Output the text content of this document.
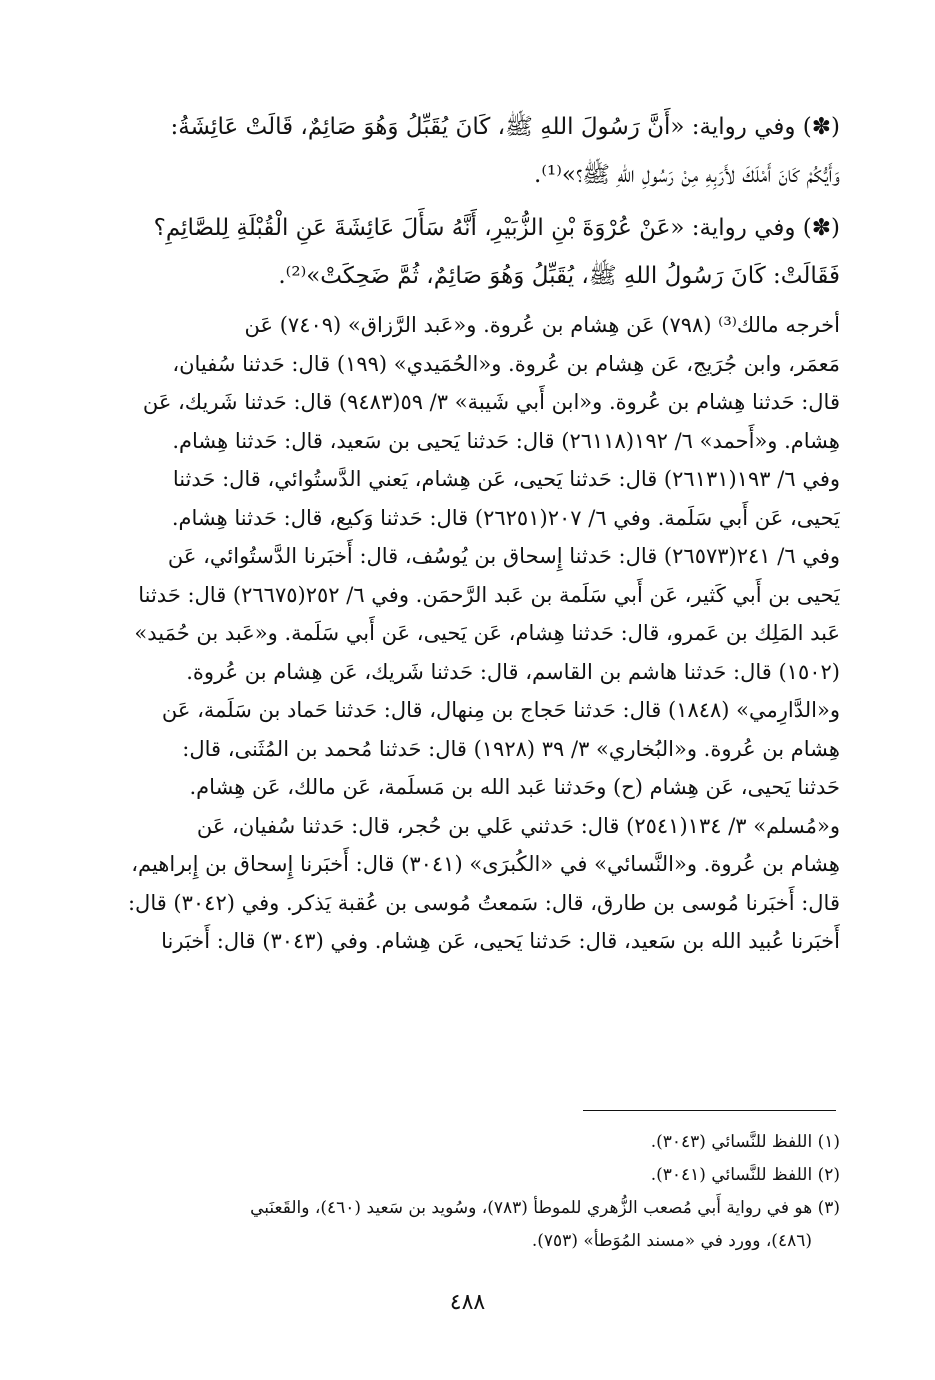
(✽) وفي رواية: «أَنَّ رَسُولَ اللهِ ﷺ، كَانَ يُقَبِّلُ وَهُوَ صَائِمٌ، قَالَتْ عَائِشَةُ:
وَأَيُّكُمْ كَانَ أَمْلَكَ لأَرَبِهِ مِنْ رَسُولِ اللهِ ﷺ؟»⁽¹⁾.
(✽) وفي رواية: «عَنْ عُرْوَةَ بْنِ الزُّبَيْرِ، أَنَّهُ سَأَلَ عَائِشَةَ عَنِ الْقُبْلَةِ لِلصَّائِمِ؟
فَقَالَتْ: كَانَ رَسُولُ اللهِ ﷺ، يُقَبِّلُ وَهُوَ صَائِمٌ، ثُمَّ ضَحِكَتْ»⁽²⁾.
أخرجه مالك⁽³⁾ (٧٩٨) عَن هِشام بن عُروة. و«عَبد الرَّزاق» (٧٤٠٩) عَن
مَعمَر، وابن جُرَيج، عَن هِشام بن عُروة. و«الحُمَيدي» (١٩٩) قال: حَدثنا سُفيان،
قال: حَدثنا هِشام بن عُروة. و«ابن أَبي شَيبة» ٣/ ٥٩(٩٤٨٣) قال: حَدثنا شَريك، عَن
هِشام. و«أَحمد» ٦/ ١٩٢(٢٦١١٨) قال: حَدثنا يَحيى بن سَعيد، قال: حَدثنا هِشام.
وفي ٦/ ١٩٣(٢٦١٣١) قال: حَدثنا يَحيى، عَن هِشام، يَعني الدَّستُوائي، قال: حَدثنا
يَحيى، عَن أَبي سَلَمة. وفي ٦/ ٢٠٧(٢٦٢٥١) قال: حَدثنا وَكيع، قال: حَدثنا هِشام.
وفي ٦/ ٢٤١(٢٦٥٧٣) قال: حَدثنا إِسحاق بن يُوسُف، قال: أَخبَرنا الدَّستُوائي، عَن
يَحيى بن أَبي كَثير، عَن أَبي سَلَمة بن عَبد الرَّحمَن. وفي ٦/ ٢٥٢(٢٦٦٧٥) قال: حَدثنا
عَبد المَلِك بن عَمرو، قال: حَدثنا هِشام، عَن يَحيى، عَن أَبي سَلَمة. و«عَبد بن حُمَيد»
(١٥٠٢) قال: حَدثنا هاشم بن القاسم، قال: حَدثنا شَريك، عَن هِشام بن عُروة.
و«الدَّارِمي» (١٨٤٨) قال: حَدثنا حَجاج بن مِنهال، قال: حَدثنا حَماد بن سَلَمة، عَن
هِشام بن عُروة. و«البُخاري» ٣/ ٣٩ (١٩٢٨) قال: حَدثنا مُحمد بن المُثَنى، قال:
حَدثنا يَحيى، عَن هِشام (ح) وحَدثنا عَبد الله بن مَسلَمة، عَن مالك، عَن هِشام.
و«مُسلم» ٣/ ١٣٤(٢٥٤١) قال: حَدثني عَلي بن حُجر، قال: حَدثنا سُفيان، عَن
هِشام بن عُروة. و«النَّسائي» في «الكُبرَى» (٣٠٤١) قال: أَخبَرنا إِسحاق بن إِبراهيم،
قال: أَخبَرنا مُوسى بن طارق، قال: سَمعتُ مُوسى بن عُقبة يَذكر. وفي (٣٠٤٢) قال:
أَخبَرنا عُبيد الله بن سَعيد، قال: حَدثنا يَحيى، عَن هِشام. وفي (٣٠٤٣) قال: أَخبَرنا
(١) اللفظ للنَّسائي (٣٠٤٣).
(٢) اللفظ للنَّسائي (٣٠٤١).
(٣) هو في رواية أَبي مُصعب الزُّهري للموطأ (٧٨٣)، وسُويد بن سَعيد (٤٦٠)، والقَعنَبي
(٤٨٦)، وورد في «مسند المُوَطأ» (٧٥٣).
٤٨٨
